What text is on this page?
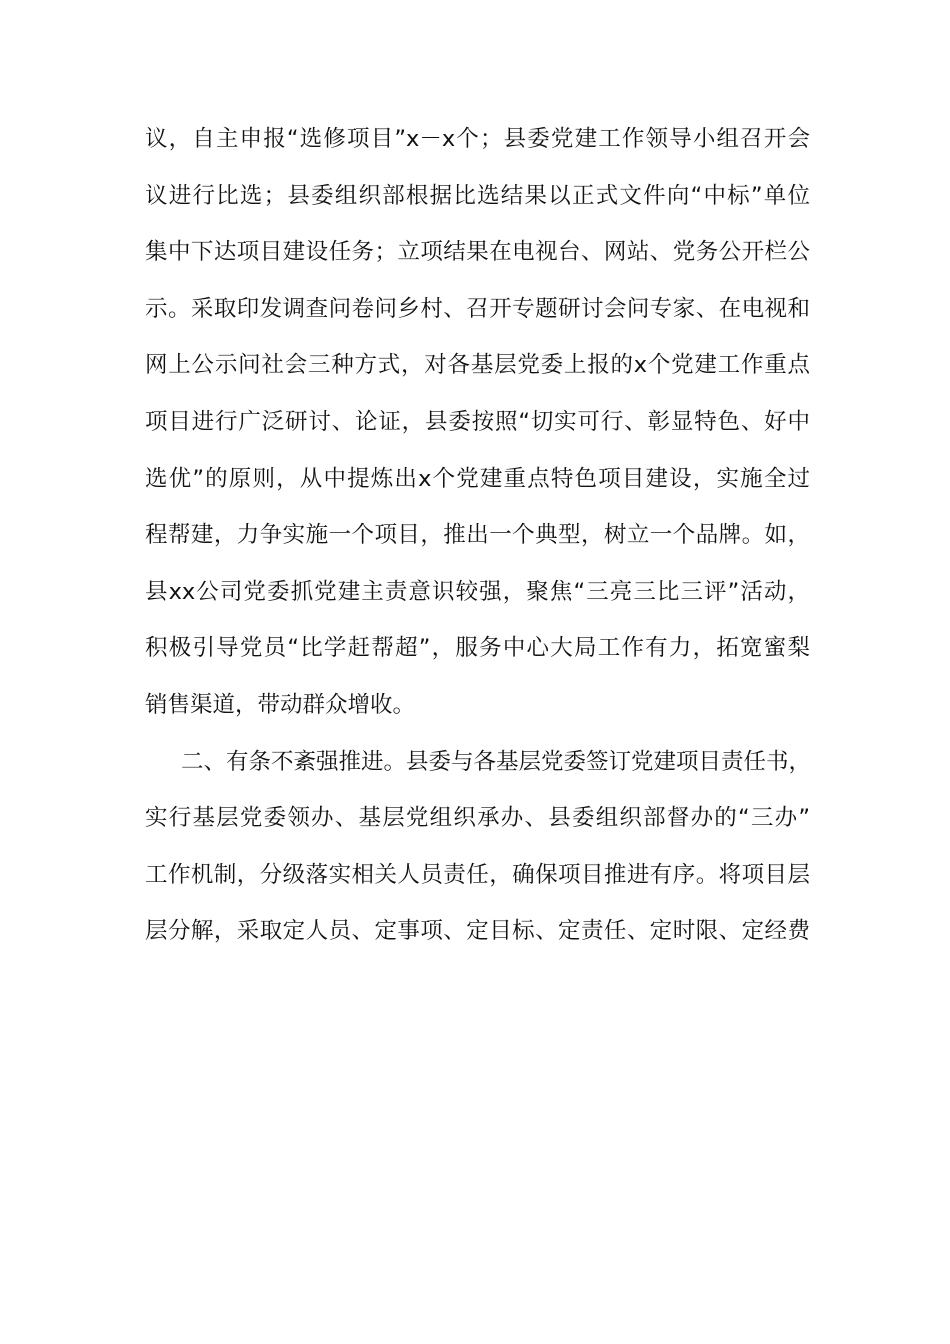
议，自主申报“选修项目”x－x个；县委党建工作领导小组召开会
议进行比选；县委组织部根据比选结果以正式文件向“中标”单位
集中下达项目建设任务；立项结果在电视台、网站、党务公开栏公
示。采取印发调查问卷问乡村、召开专题研讨会问专家、在电视和
网上公示问社会三种方式，对各基层党委上报的x个党建工作重点
项目进行广泛研讨、论证，县委按照“切实可行、彰显特色、好中
选优”的原则，从中提炼出x个党建重点特色项目建设，实施全过
程帮建，力争实施一个项目，推出一个典型，树立一个品牌。如，
县xx公司党委抓党建主责意识较强，聚焦“三亮三比三评”活动，
积极引导党员“比学赶帮超”，服务中心大局工作有力，拓宽蜜梨
销售渠道，带动群众增收。
二、有条不紊强推进。县委与各基层党委签订党建项目责任书，
实行基层党委领办、基层党组织承办、县委组织部督办的“三办”
工作机制，分级落实相关人员责任，确保项目推进有序。将项目层
层分解，采取定人员、定事项、定目标、定责任、定时限、定经费
